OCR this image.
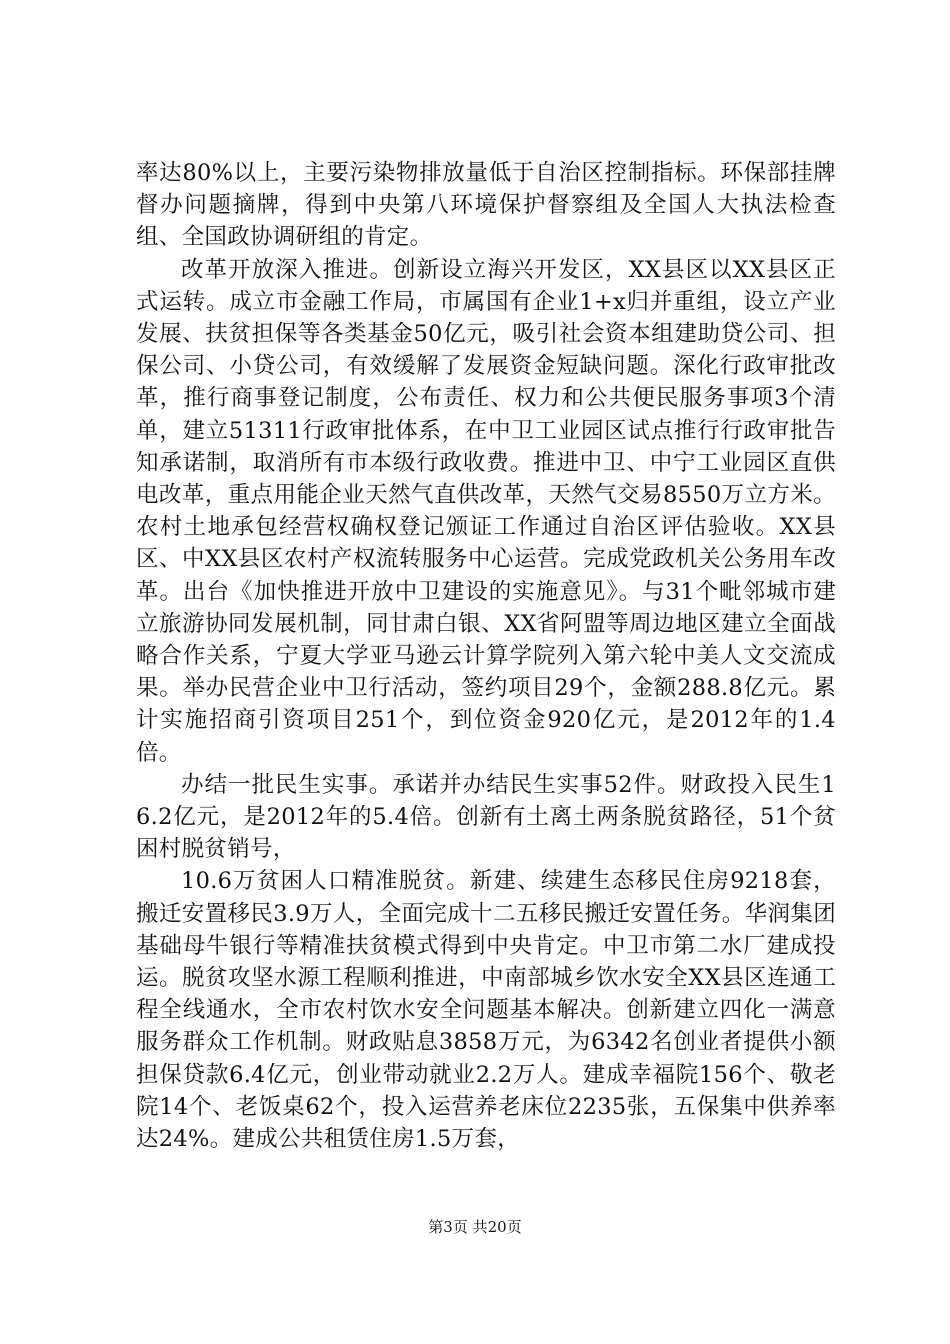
率达80%以上，主要污染物排放量低于自治区控制指标。环保部挂牌督办问题摘牌，得到中央第八环境保护督察组及全国人大执法检查组、全国政协调研组的肯定。

改革开放深入推进。创新设立海兴开发区，XX县区以XX县区正式运转。成立市金融工作局，市属国有企业1+x归并重组，设立产业发展、扶贫担保等各类基金50亿元，吸引社会资本组建助贷公司、担保公司、小贷公司，有效缓解了发展资金短缺问题。深化行政审批改革，推行商事登记制度，公布责任、权力和公共便民服务事项3个清单，建立51311行政审批体系，在中卫工业园区试点推行行政审批告知承诺制，取消所有市本级行政收费。推进中卫、中宁工业园区直供电改革，重点用能企业天然气直供改革，天然气交易8550万立方米。农村土地承包经营权确权登记颁证工作通过自治区评估验收。XX县区、中XX县区农村产权流转服务中心运营。完成党政机关公务用车改革。出台《加快推进开放中卫建设的实施意见》。与31个毗邻城市建立旅游协同发展机制，同甘肃白银、XX省阿盟等周边地区建立全面战略合作关系，宁夏大学亚马逊云计算学院列入第六轮中美人文交流成果。举办民营企业中卫行活动，签约项目29个，金额288.8亿元。累计实施招商引资项目251个，到位资金920亿元，是2012年的1.4倍。

办结一批民生实事。承诺并办结民生实事52件。财政投入民生16.2亿元，是2012年的5.4倍。创新有土离土两条脱贫路径，51个贫困村脱贫销号，

10.6万贫困人口精准脱贫。新建、续建生态移民住房9218套，搬迁安置移民3.9万人，全面完成十二五移民搬迁安置任务。华润集团基础母牛银行等精准扶贫模式得到中央肯定。中卫市第二水厂建成投运。脱贫攻坚水源工程顺利推进，中南部城乡饮水安全XX县区连通工程全线通水，全市农村饮水安全问题基本解决。创新建立四化一满意服务群众工作机制。财政贴息3858万元，为6342名创业者提供小额担保贷款6.4亿元，创业带动就业2.2万人。建成幸福院156个、敬老院14个、老饭桌62个，投入运营养老床位2235张，五保集中供养率达24%。建成公共租赁住房1.5万套，

第3页 共20页
